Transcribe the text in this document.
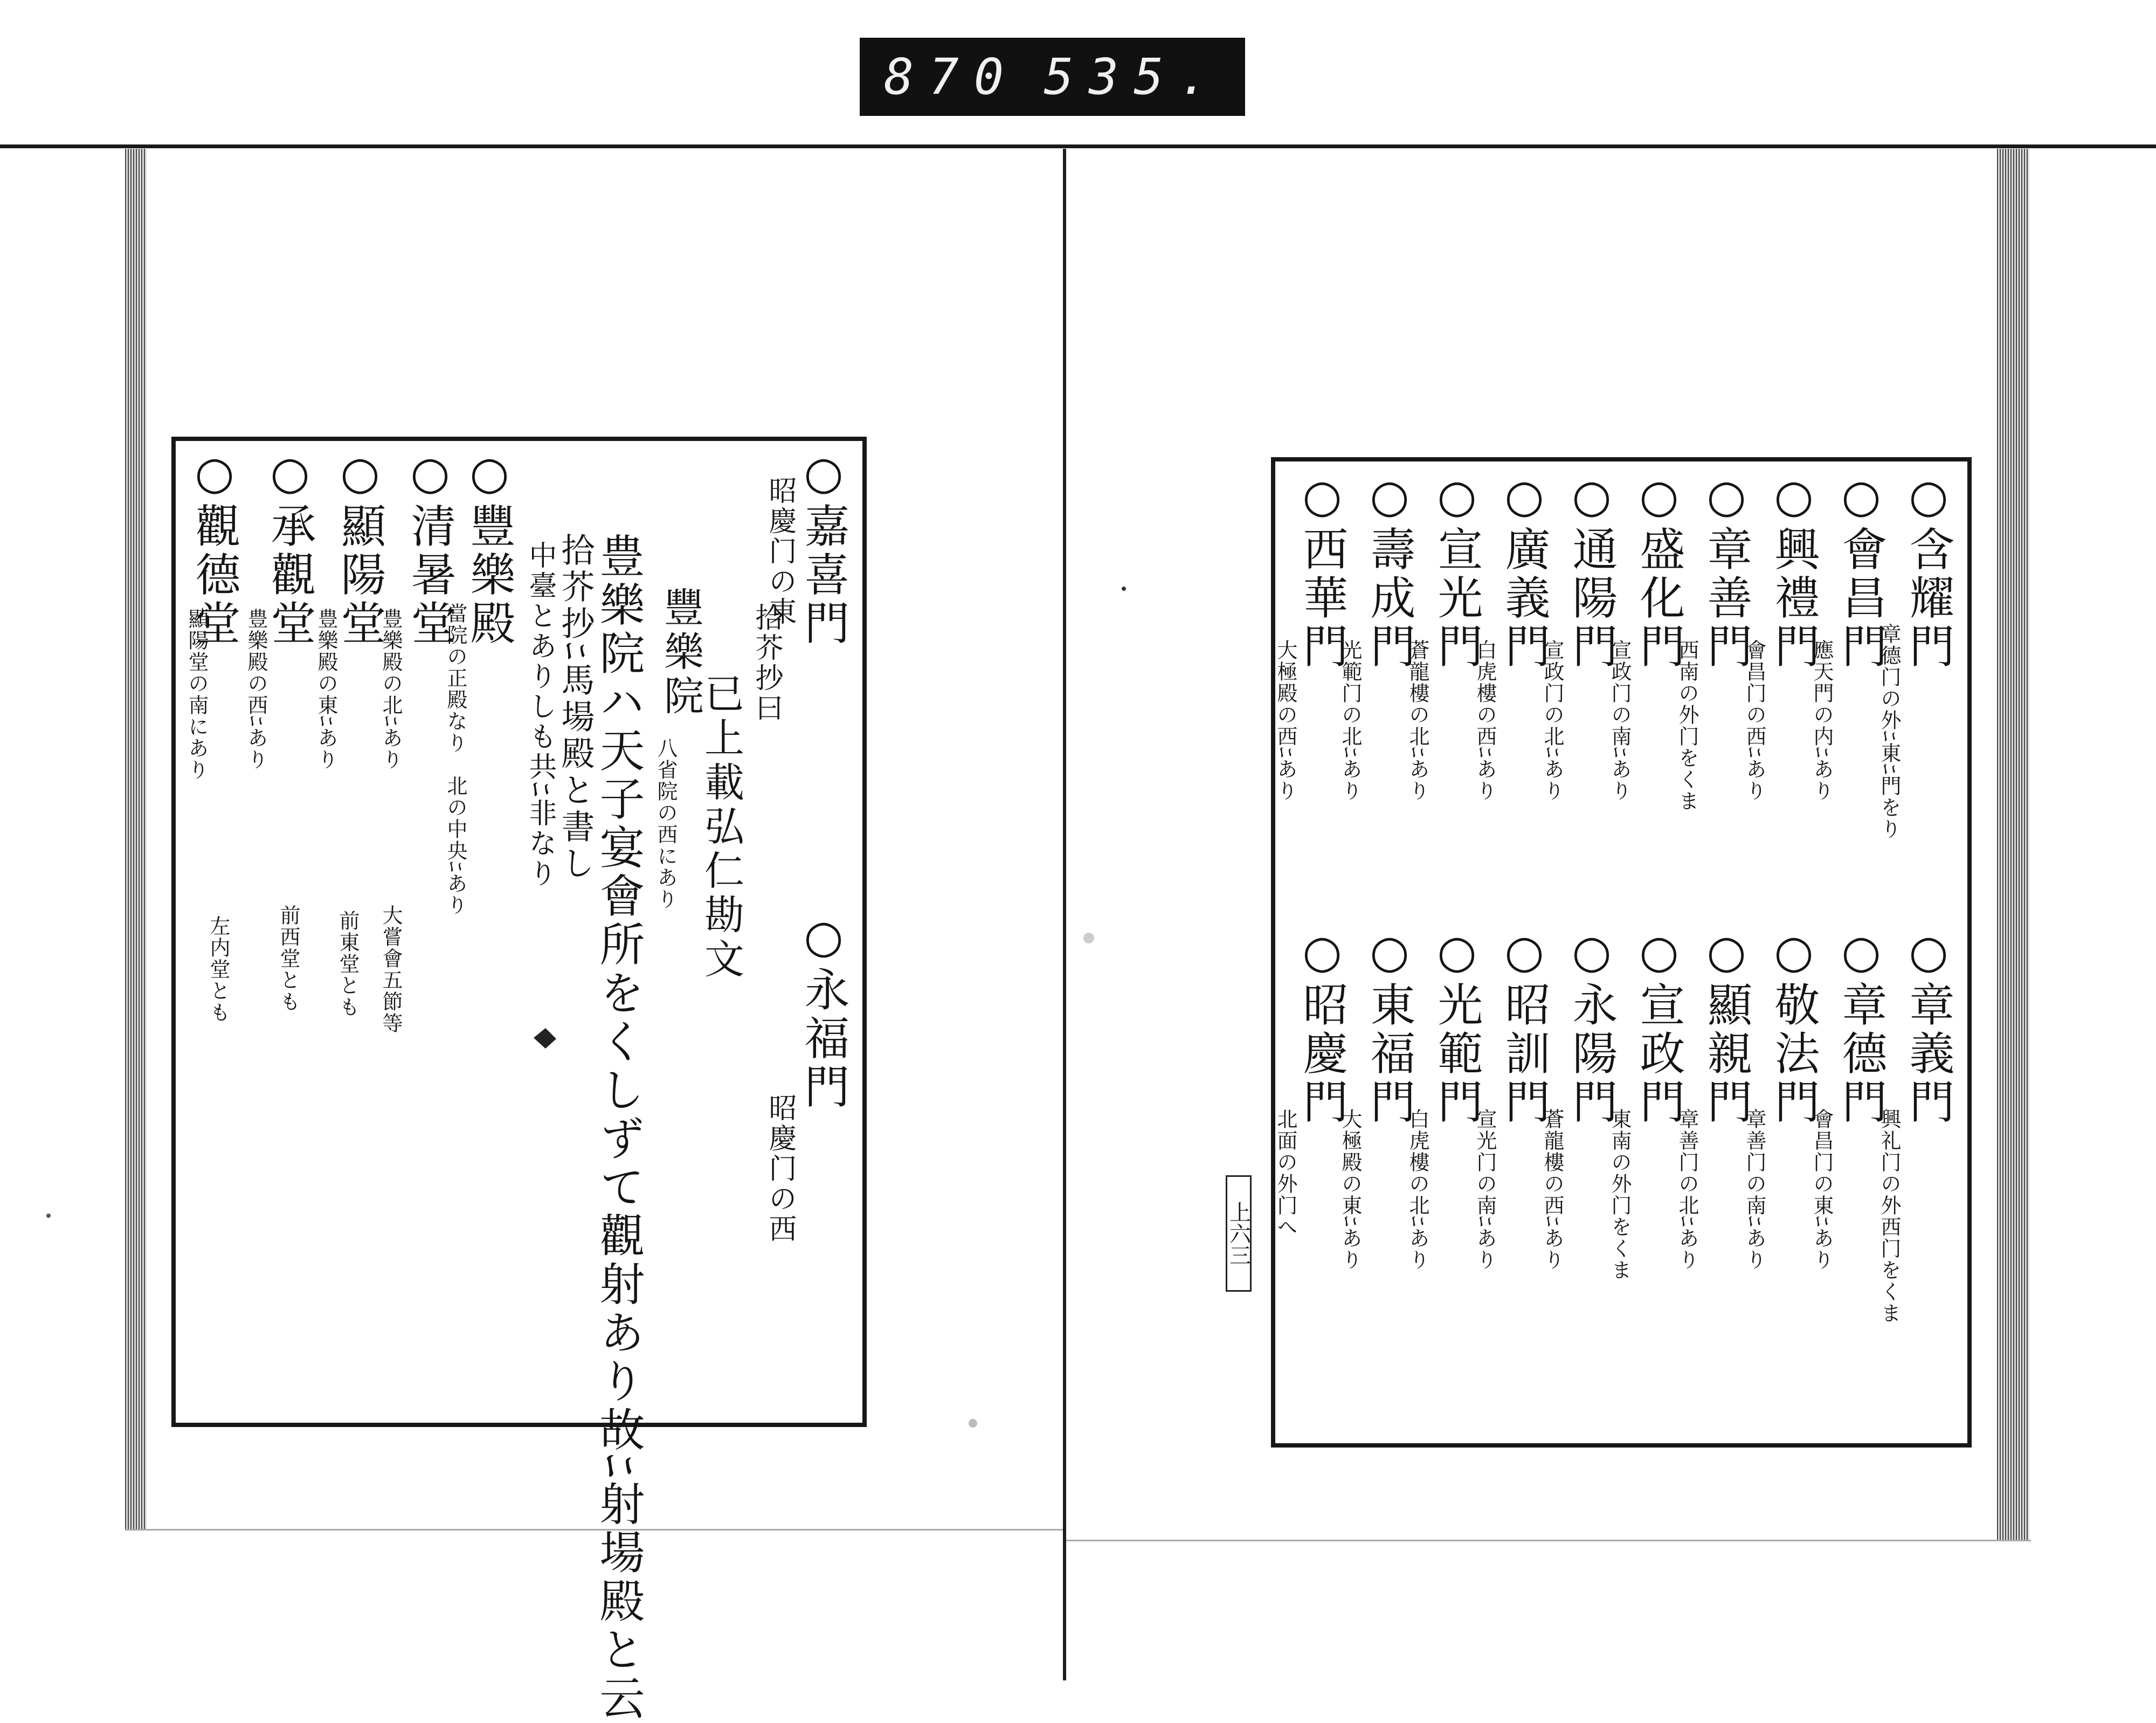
870 535.

○嘉喜門

昭慶门の東

拾芥抄曰

已上載弘仁勘文

○永福門

昭慶门の西

豐樂院

八省院の西にあり

豊樂院ハ天子宴會所をくしずて觀射あり故ﾆ射場殿と云

拾芥抄ﾆ馬場殿と書し

中臺とありしも共ﾆ非なり

○豐樂殿

當院の正殿なり　北の中央ﾆあり

○清暑堂

豊樂殿の北ﾆあり

大嘗會五節等

○顯陽堂

豊樂殿の東ﾆあり

前東堂とも

○承觀堂

豊樂殿の西ﾆあり

前西堂とも

○觀德堂

顯陽堂の南にあり

左内堂とも

○含耀門

章德门の外ﾆ東ﾆ門をり

○會昌門

應天門の内ﾆあり

○興禮門

會昌门の西ﾆあり

○章善門

西南の外门をくま

○盛化門

宣政门の南ﾆあり

○通陽門

宣政门の北ﾆあり

○廣義門

白虎樓の西ﾆあり

○宣光門

蒼龍樓の北ﾆあり

○壽成門

光範门の北ﾆあり

○西華門

大極殿の西ﾆあり

○章義門

興礼门の外西门をくま

○章德門

會昌门の東ﾆあり

○敬法門

章善门の南ﾆあり

○顯親門

章善门の北ﾆあり

○宣政門

東南の外门をくま

○永陽門

蒼龍樓の西ﾆあり

○昭訓門

宣光门の南ﾆあり

○光範門

白虎樓の北ﾆあり

○東福門

大極殿の東ﾆあり

○昭慶門

北面の外门へ

上六三
